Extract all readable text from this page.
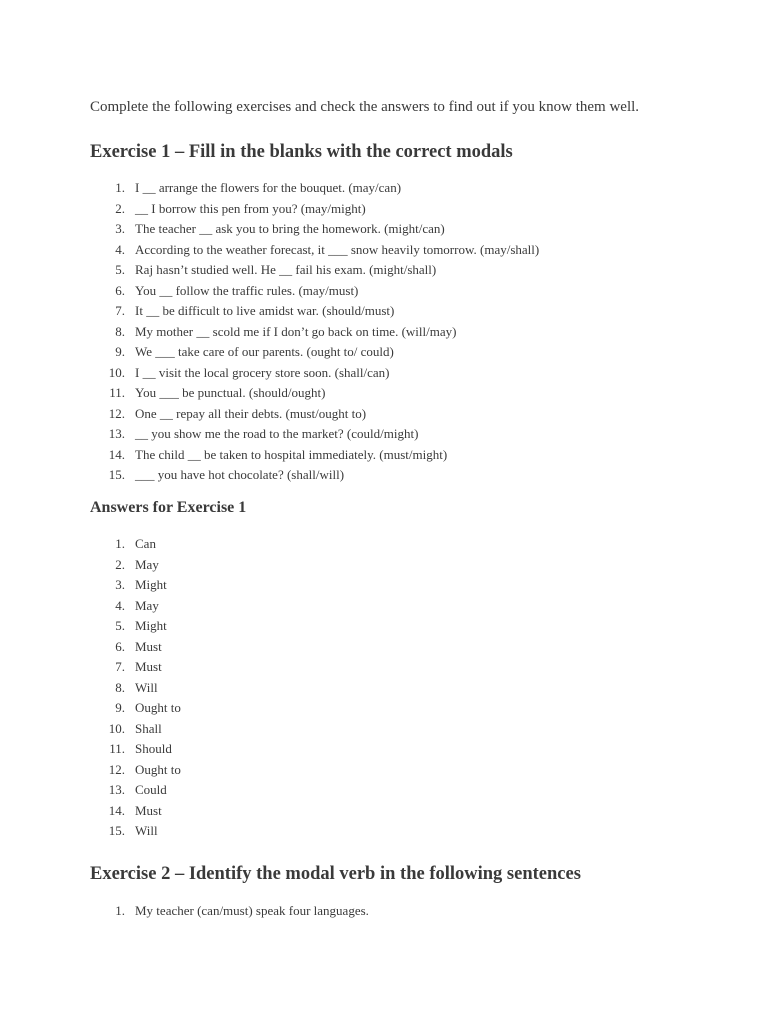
Complete the following exercises and check the answers to find out if you know them well.
Exercise 1 – Fill in the blanks with the correct modals
1. I __ arrange the flowers for the bouquet. (may/can)
2. __ I borrow this pen from you? (may/might)
3. The teacher __ ask you to bring the homework. (might/can)
4. According to the weather forecast, it ___ snow heavily tomorrow. (may/shall)
5. Raj hasn’t studied well. He __ fail his exam. (might/shall)
6. You __ follow the traffic rules. (may/must)
7. It __ be difficult to live amidst war. (should/must)
8. My mother __ scold me if I don’t go back on time. (will/may)
9. We ___ take care of our parents. (ought to/ could)
10. I __ visit the local grocery store soon. (shall/can)
11. You ___ be punctual. (should/ought)
12. One __ repay all their debts. (must/ought to)
13. __ you show me the road to the market? (could/might)
14. The child __ be taken to hospital immediately. (must/might)
15. ___ you have hot chocolate? (shall/will)
Answers for Exercise 1
1. Can
2. May
3. Might
4. May
5. Might
6. Must
7. Must
8. Will
9. Ought to
10. Shall
11. Should
12. Ought to
13. Could
14. Must
15. Will
Exercise 2 – Identify the modal verb in the following sentences
1. My teacher (can/must) speak four languages.
